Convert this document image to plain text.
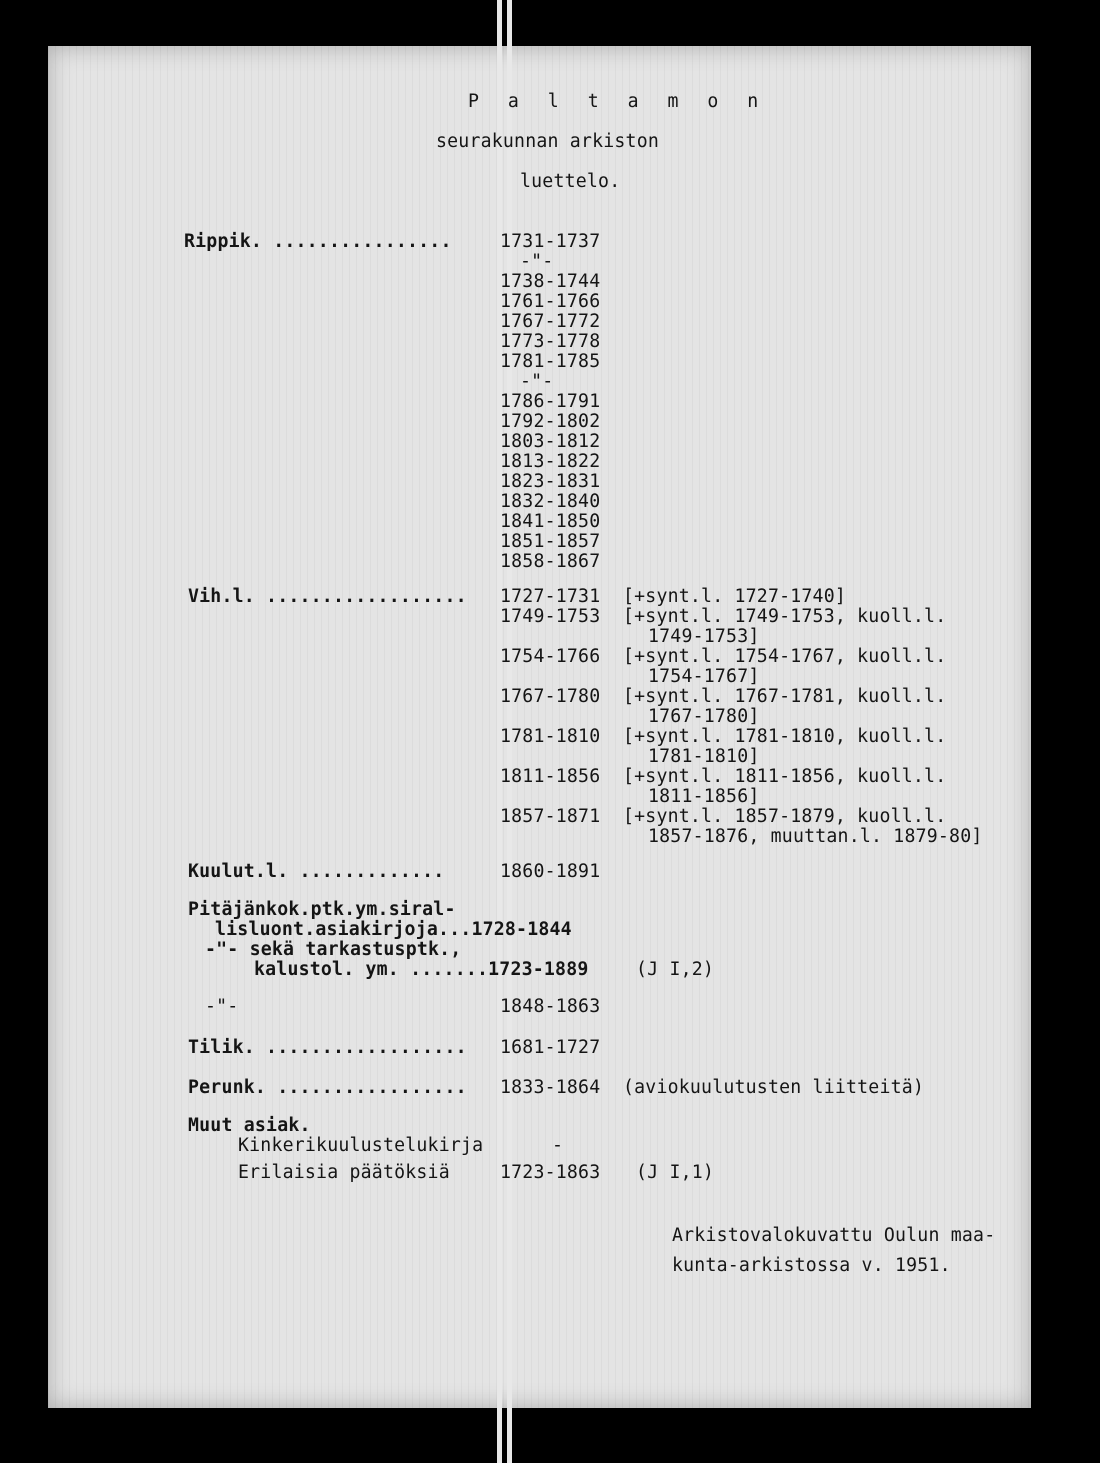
P a l t a m o n
seurakunnan arkiston
luettelo.
Rippik. ................	1731-1737
-"-
1738-1744
1761-1766
1767-1772
1773-1778
1781-1785
-"-
1786-1791
1792-1802
1803-1812
1813-1822
1823-1831
1832-1840
1841-1850
1851-1857
1858-1867
Vih.l. .................. 1727-1731 [+synt.l. 1727-1740]
1749-1753 [+synt.l. 1749-1753, kuoll.l.
1749-1753]
1754-1766 [+synt.l. 1754-1767, kuoll.l.
1754-1767]
1767-1780 [+synt.l. 1767-1781, kuoll.l.
1767-1780]
1781-1810 [+synt.l. 1781-1810, kuoll.l.
1781-1810]
1811-1856 [+synt.l. 1811-1856, kuoll.l.
1811-1856]
1857-1871 [+synt.l. 1857-1879, kuoll.l.
1857-1876, muuttan.l. 1879-80]
Kuulut.l. .............	1860-1891
Pitäjänkok.ptk.ym.siral-
lisluont.asiakirjoja...1728-1844
-"- sekä tarkastusptk.,
kalustol. ym. .......1723-1889	(J I,2)
-"-	1848-1863
Tilik. .................. 1681-1727
Perunk. ................. 1833-1864 (aviokuulutusten liitteitä)
Muut asiak.
Kinkerikuulustelukirja	-
Erilaisia päätöksiä	1723-1863 (J I,1)
Arkistovalokuvattu Oulun maa-
kunta-arkistossa v. 1951.
